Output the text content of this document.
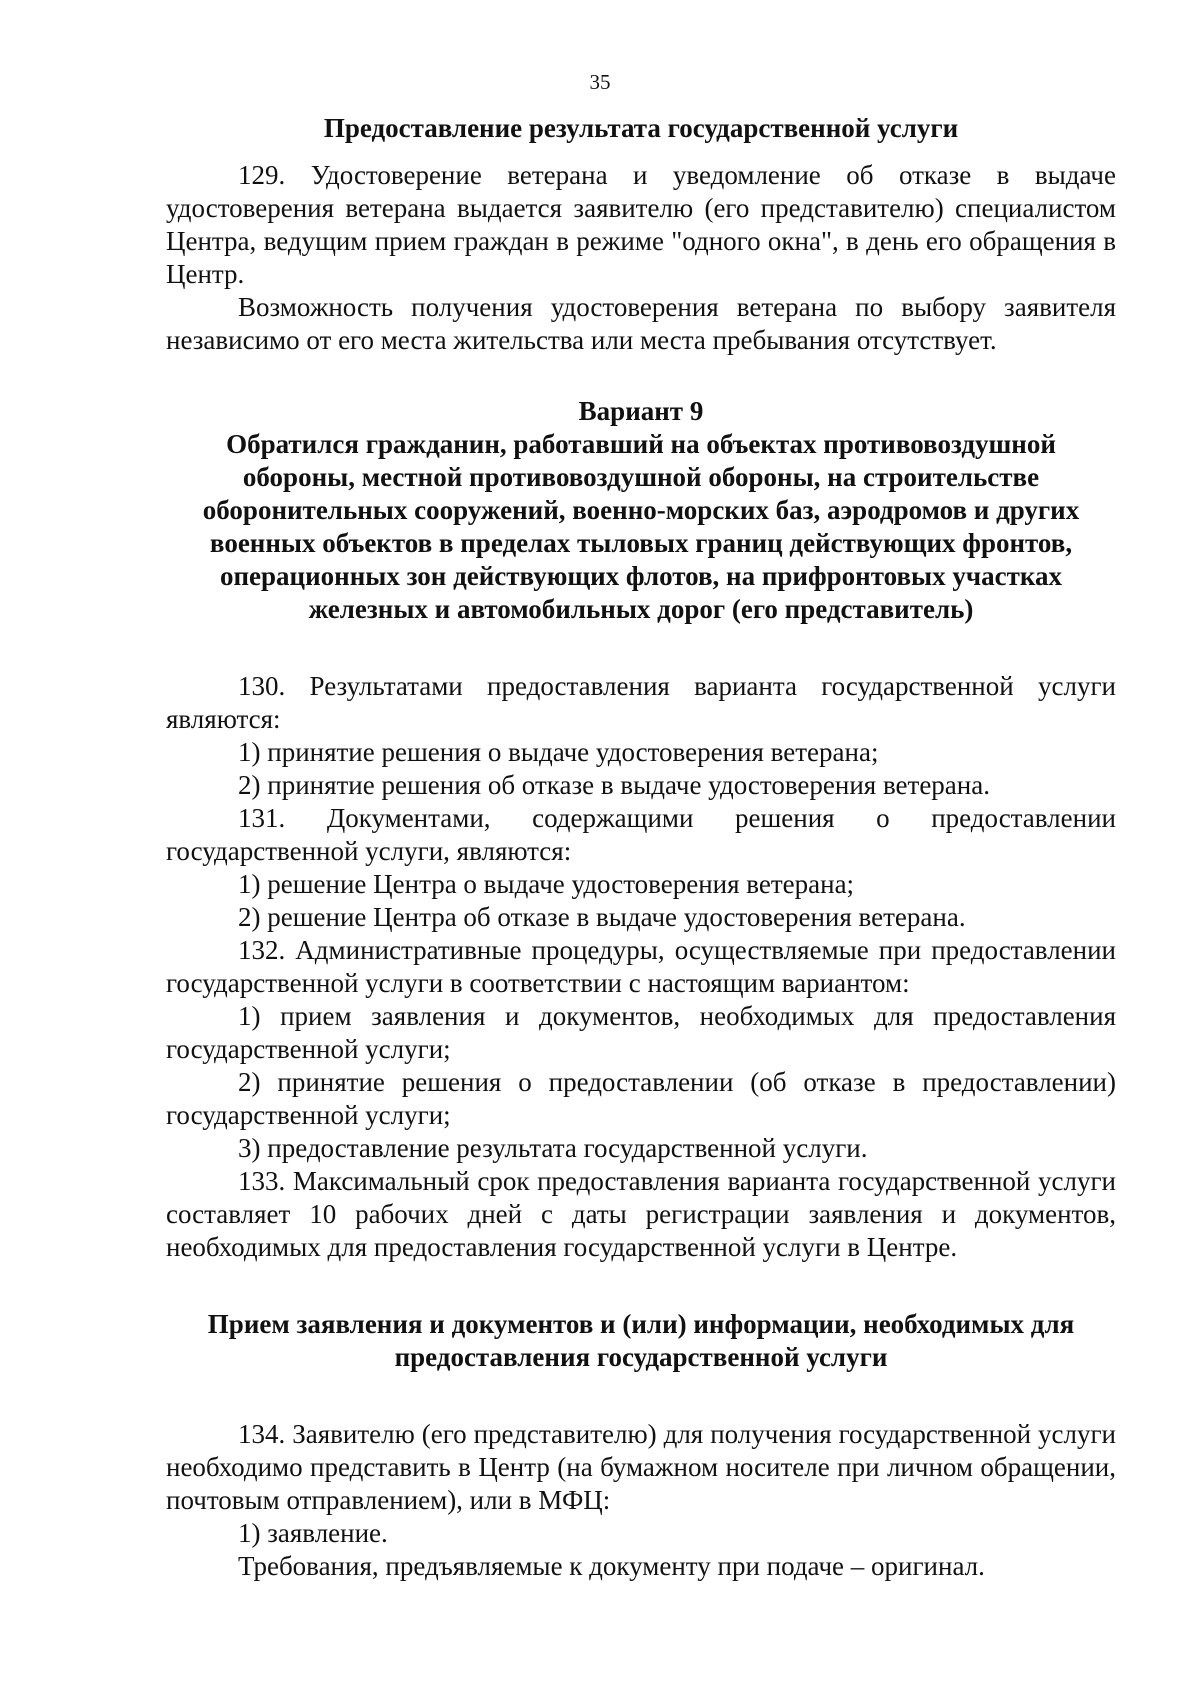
35

Предоставление результата государственной услуги

129. Удостоверение ветерана и уведомление об отказе в выдаче удостоверения ветерана выдается заявителю (его представителю) специалистом Центра, ведущим прием граждан в режиме "одного окна", в день его обращения в Центр.

Возможность получения удостоверения ветерана по выбору заявителя независимо от его места жительства или места пребывания отсутствует.

Вариант 9

Обратился гражданин, работавший на объектах противовоздушной обороны, местной противовоздушной обороны, на строительстве оборонительных сооружений, военно-морских баз, аэродромов и других военных объектов в пределах тыловых границ действующих фронтов, операционных зон действующих флотов, на прифронтовых участках железных и автомобильных дорог (его представитель)

130. Результатами предоставления варианта государственной услуги являются:

1) принятие решения о выдаче удостоверения ветерана;

2) принятие решения об отказе в выдаче удостоверения ветерана.

131. Документами, содержащими решения о предоставлении государственной услуги, являются:

1) решение Центра о выдаче удостоверения ветерана;

2) решение Центра об отказе в выдаче удостоверения ветерана.

132. Административные процедуры, осуществляемые при предоставлении государственной услуги в соответствии с настоящим вариантом:

1) прием заявления и документов, необходимых для предоставления государственной услуги;

2) принятие решения о предоставлении (об отказе в предоставлении) государственной услуги;

3) предоставление результата государственной услуги.

133. Максимальный срок предоставления варианта государственной услуги составляет 10 рабочих дней с даты регистрации заявления и документов, необходимых для предоставления государственной услуги в Центре.

Прием заявления и документов и (или) информации, необходимых для предоставления государственной услуги

134. Заявителю (его представителю) для получения государственной услуги необходимо представить в Центр (на бумажном носителе при личном обращении, почтовым отправлением), или в МФЦ:

1) заявление.

Требования, предъявляемые к документу при подаче – оригинал.
